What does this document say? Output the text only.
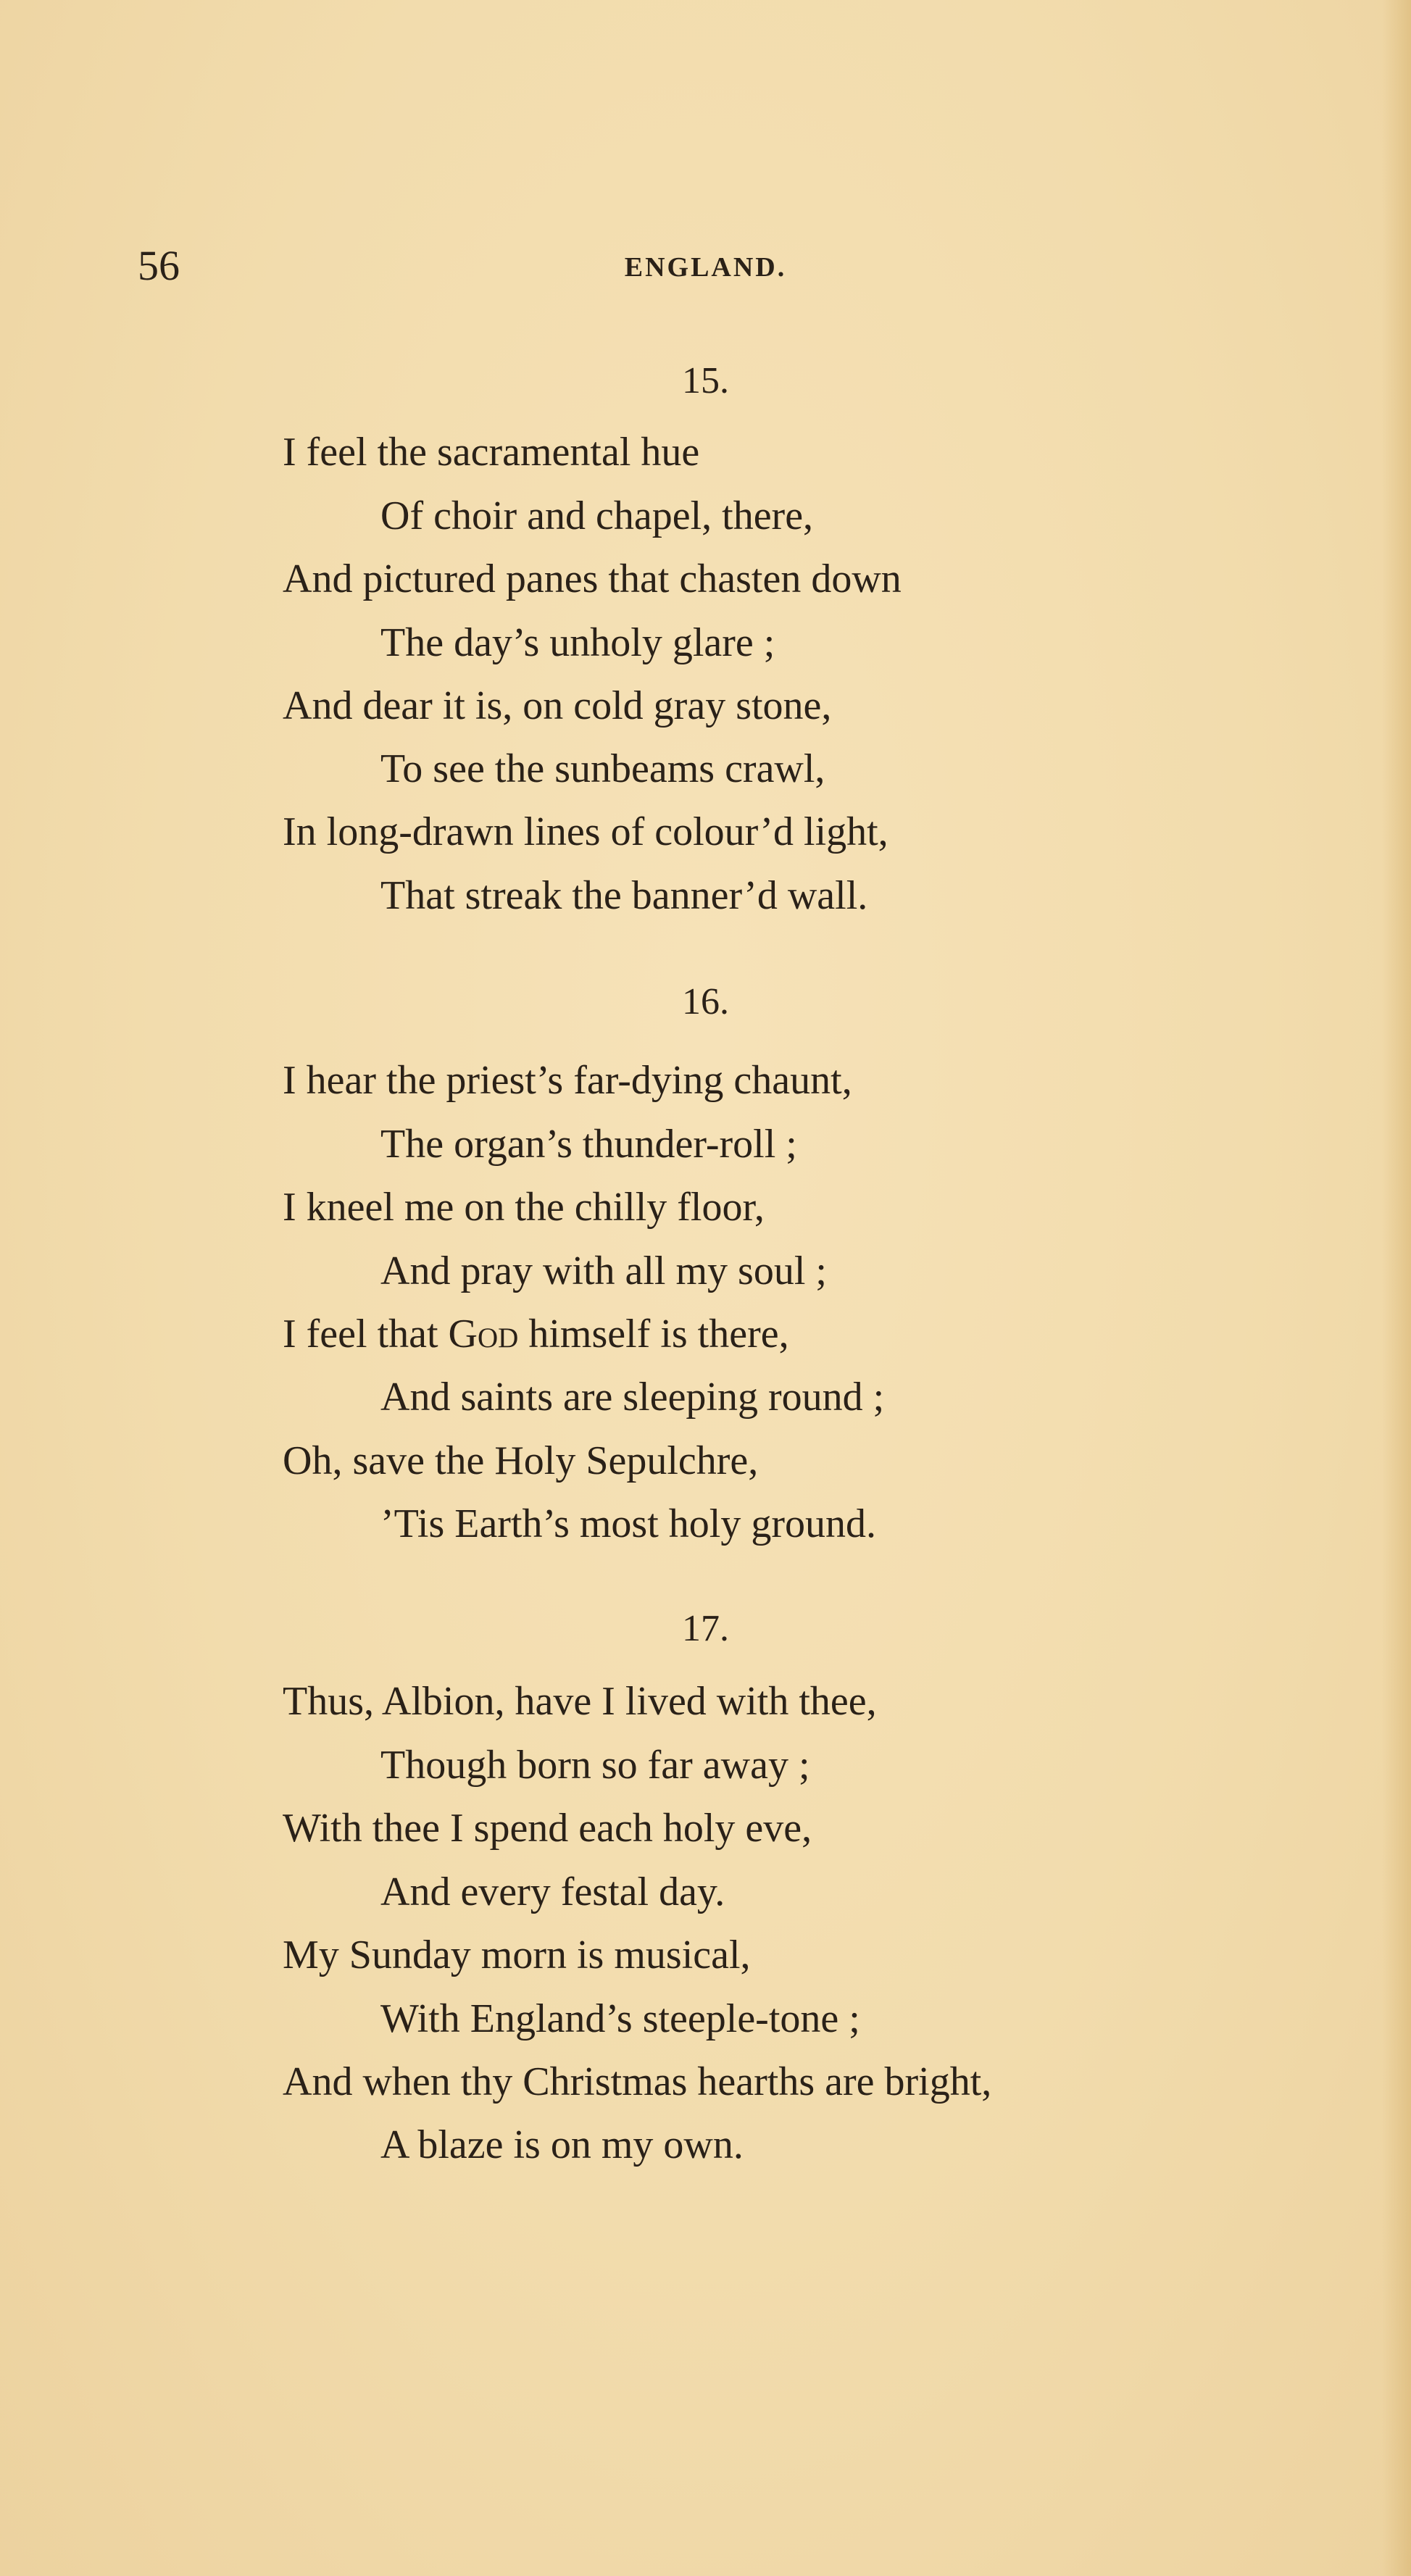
56	ENGLAND.
15.
I feel the sacramental hue
Of choir and chapel, there,
And pictured panes that chasten down
The day’s unholy glare ;
And dear it is, on cold gray stone,
To see the sunbeams crawl,
In long-drawn lines of colour’d light,
That streak the banner’d wall.
16.
I hear the priest’s far-dying chaunt,
The organ’s thunder-roll ;
I kneel me on the chilly floor,
And pray with all my soul ;
I feel that God himself is there,
And saints are sleeping round ;
Oh, save the Holy Sepulchre,
’Tis Earth’s most holy ground.
17.
Thus, Albion, have I lived with thee,
Though born so far away ;
With thee I spend each holy eve,
And every festal day.
My Sunday morn is musical,
With England’s steeple-tone ;
And when thy Christmas hearths are bright,
A blaze is on my own.
